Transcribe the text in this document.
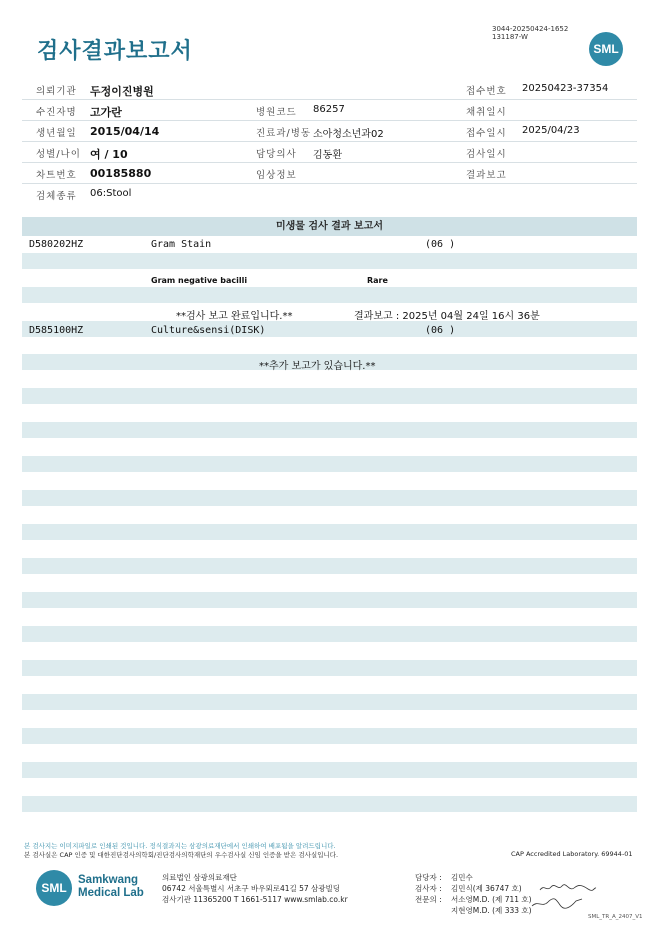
검사결과보고서
3044-20250424-1652
131187-W
SML
의뢰기관 두정이진병원	접수번호 20250423-37354
수진자명 고가란	병원코드 86257	채취일시
생년월일 2015/04/14	진료과/병동 소아청소년과02	접수일시 2025/04/23
성별/나이 여 / 10	담당의사 김동환	검사일시
차트번호 00185880	임상정보	결과보고
검체종류 06:Stool
미생물 검사 결과 보고서
D580202HZ	Gram Stain	(06 )
Gram negative bacilli	Rare
**검사 보고 완료입니다.**	결과보고 : 2025년 04월 24일 16시 36분
D585100HZ	Culture&sensi(DISK)	(06 )
**추가 보고가 있습니다.**
본 검사지는 이미지파일로 인쇄된 것입니다. 정식결과지는 삼광의료재단에서 인쇄하여 배포됨을 알려드립니다.
본 검사실은 CAP 인증 및 대한진단검사의학회/진단검사의학재단의 우수검사실 신임 인증을 받은 검사실입니다.	CAP Accredited Laboratory. 69944-01
SML
Samkwang
Medical Lab
의료법인 삼광의료재단
06742 서울특별시 서초구 바우뫼로41길 57 삼광빌딩
검사기관 11365200 T 1661-5117 www.smlab.co.kr
담당자 : 김민수
검사자 : 김민식(제 36747 호)
전문의 : 서소영M.D. (제 711 호)
지현영M.D. (제 333 호)
SML_TR_A_2407_V1
